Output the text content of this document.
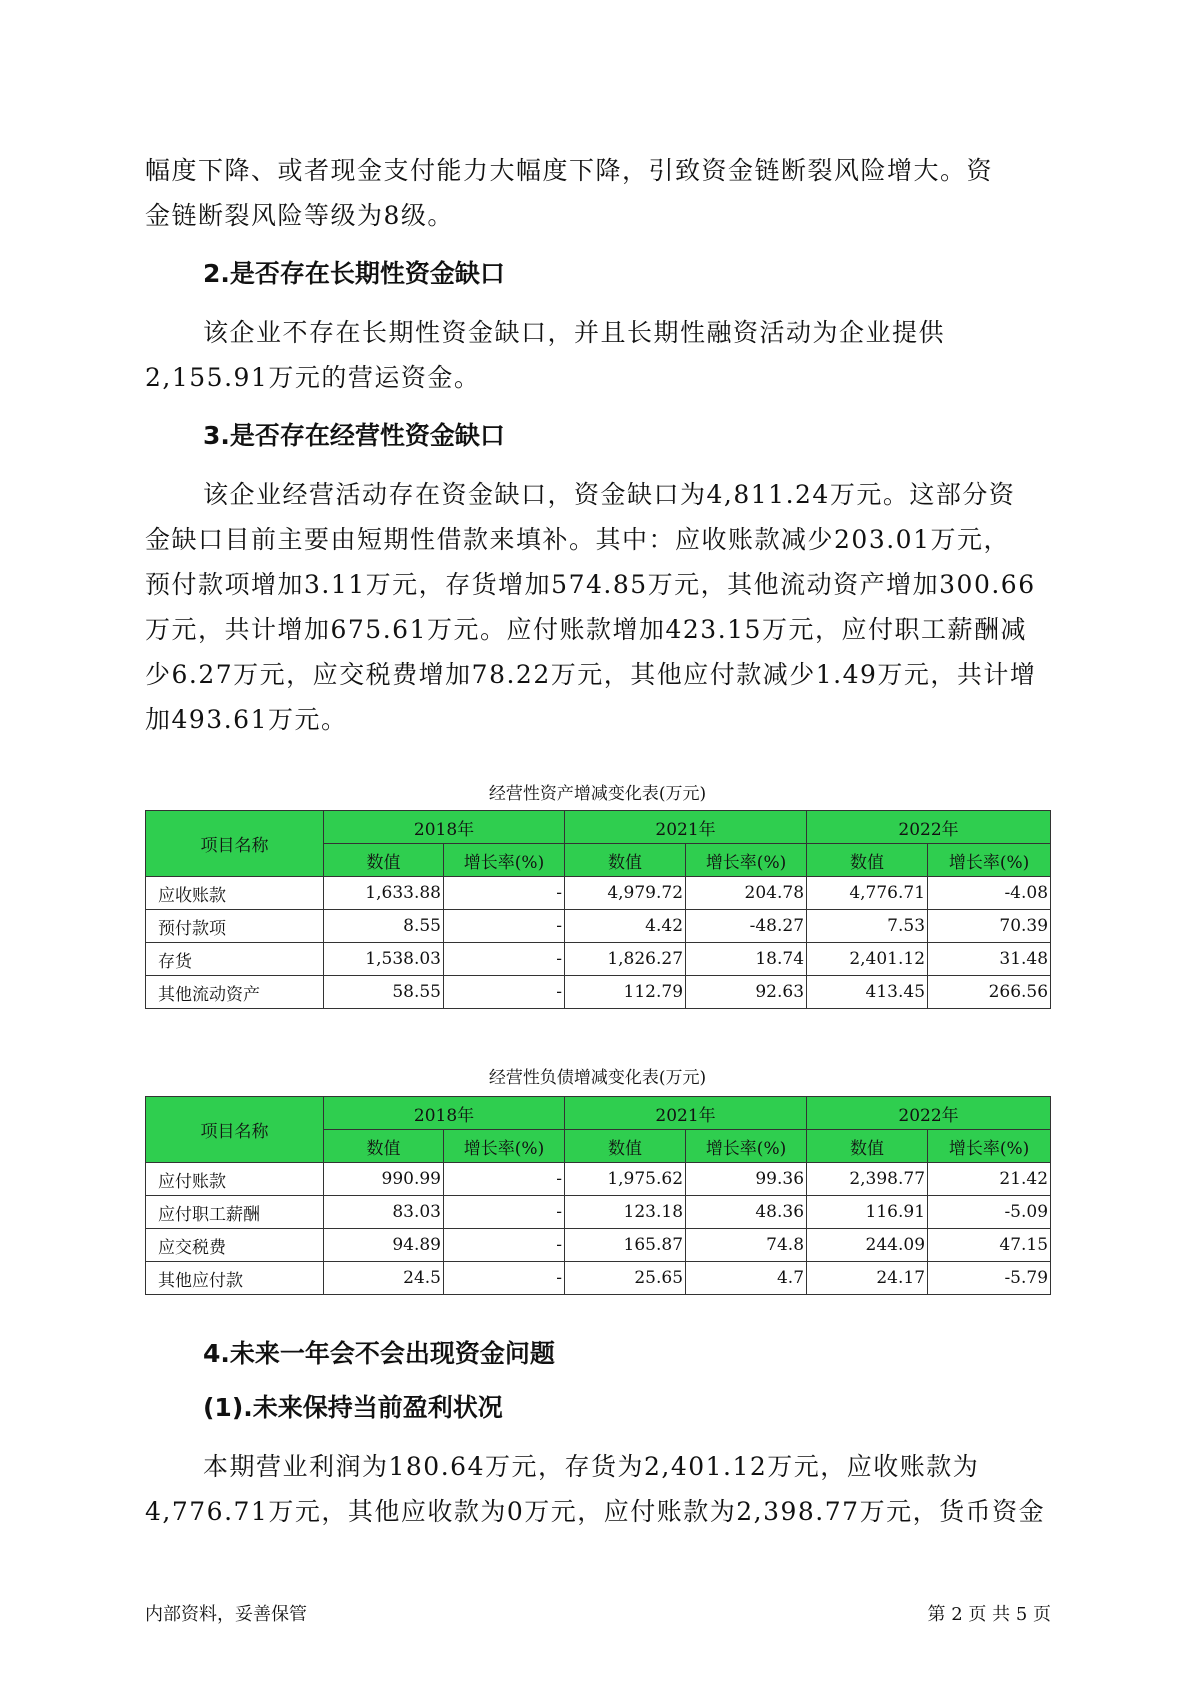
幅度下降、或者现金支付能力大幅度下降，引致资金链断裂风险增大。资
金链断裂风险等级为8级。

2.是否存在长期性资金缺口

该企业不存在长期性资金缺口，并且长期性融资活动为企业提供
2,155.91万元的营运资金。

3.是否存在经营性资金缺口

该企业经营活动存在资金缺口，资金缺口为4,811.24万元。这部分资
金缺口目前主要由短期性借款来填补。其中：应收账款减少203.01万元，
预付款项增加3.11万元，存货增加574.85万元，其他流动资产增加300.66
万元，共计增加675.61万元。应付账款增加423.15万元，应付职工薪酬减
少6.27万元，应交税费增加78.22万元，其他应付款减少1.49万元，共计增
加493.61万元。

经营性资产增减变化表(万元)
项目名称	2018年		2021年		2022年	
	数值	增长率(%)	数值	增长率(%)	数值	增长率(%)
应收账款	1,633.88	-	4,979.72	204.78	4,776.71	-4.08
预付款项	8.55	-	4.42	-48.27	7.53	70.39
存货	1,538.03	-	1,826.27	18.74	2,401.12	31.48
其他流动资产	58.55	-	112.79	92.63	413.45	266.56
经营性负债增减变化表(万元)
项目名称	2018年		2021年		2022年	
	数值	增长率(%)	数值	增长率(%)	数值	增长率(%)
应付账款	990.99	-	1,975.62	99.36	2,398.77	21.42
应付职工薪酬	83.03	-	123.18	48.36	116.91	-5.09
应交税费	94.89	-	165.87	74.8	244.09	47.15
其他应付款	24.5	-	25.65	4.7	24.17	-5.79
4.未来一年会不会出现资金问题
(1).未来保持当前盈利状况

本期营业利润为180.64万元，存货为2,401.12万元，应收账款为
4,776.71万元，其他应收款为0万元，应付账款为2,398.77万元，货币资金

内部资料，妥善保管	第 2 页 共 5 页
